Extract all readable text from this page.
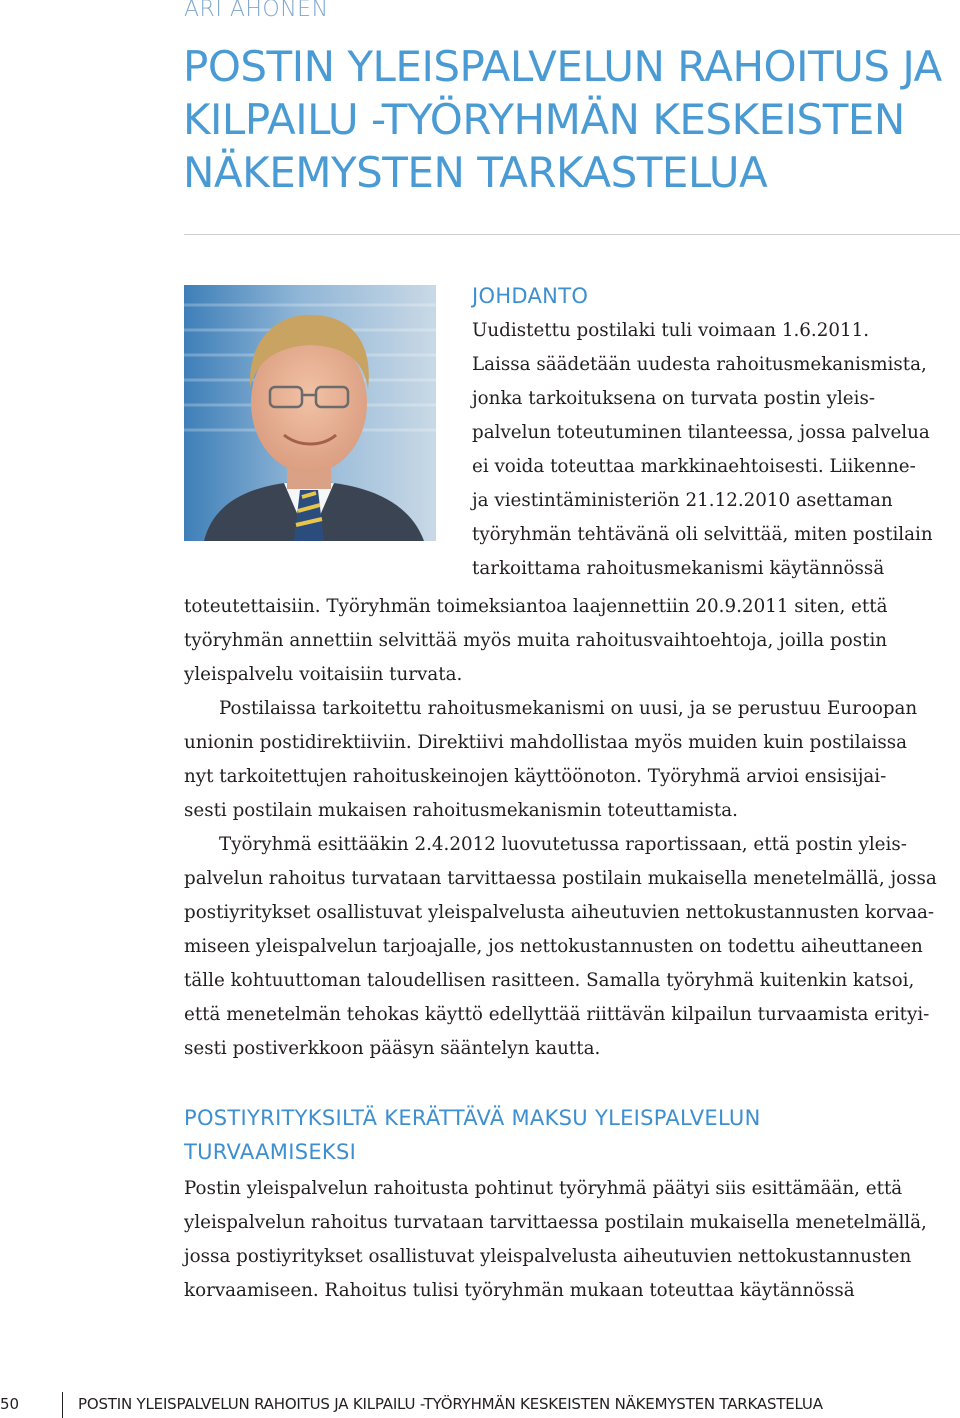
ARI AHONEN
POSTIN YLEISPALVELUN RAHOITUS JA
KILPAILU -TYÖRYHMÄN KESKEISTEN
NÄKEMYSTEN TARKASTELUA
JOHDANTO
Uudistettu postilaki tuli voimaan 1.6.2011.
Laissa säädetään uudesta rahoitusmekanismista,
jonka tarkoituksena on turvata postin yleis-
palvelun toteutuminen tilanteessa, jossa palvelua
ei voida toteuttaa markkinaehtoisesti. Liikenne-
ja viestintäministeriön 21.12.2010 asettaman
työryhmän tehtävänä oli selvittää, miten postilain
tarkoittama rahoitusmekanismi käytännössä
toteutettaisiin. Työryhmän toimeksiantoa laajennettiin 20.9.2011 siten, että
työryhmän annettiin selvittää myös muita rahoitusvaihtoehtoja, joilla postin
yleispalvelu voitaisiin turvata.
Postilaissa tarkoitettu rahoitusmekanismi on uusi, ja se perustuu Euroopan
unionin postidirektiiviin. Direktiivi mahdollistaa myös muiden kuin postilaissa
nyt tarkoitettujen rahoituskeinojen käyttöönoton. Työryhmä arvioi ensisijai-
sesti postilain mukaisen rahoitusmekanismin toteuttamista.
Työryhmä esittääkin 2.4.2012 luovutetussa raportissaan, että postin yleis-
palvelun rahoitus turvataan tarvittaessa postilain mukaisella menetelmällä, jossa
postiyritykset osallistuvat yleispalvelusta aiheutuvien nettokustannusten korvaa-
miseen yleispalvelun tarjoajalle, jos nettokustannusten on todettu aiheuttaneen
tälle kohtuuttoman taloudellisen rasitteen. Samalla työryhmä kuitenkin katsoi,
että menetelmän tehokas käyttö edellyttää riittävän kilpailun turvaamista erityi-
sesti postiverkkoon pääsyn sääntelyn kautta.
POSTIYRITYKSILTÄ KERÄTTÄVÄ MAKSU YLEISPALVELUN
TURVAAMISEKSI
Postin yleispalvelun rahoitusta pohtinut työryhmä päätyi siis esittämään, että
yleispalvelun rahoitus turvataan tarvittaessa postilain mukaisella menetelmällä,
jossa postiyritykset osallistuvat yleispalvelusta aiheutuvien nettokustannusten
korvaamiseen. Rahoitus tulisi työryhmän mukaan toteuttaa käytännössä
50	POSTIN YLEISPALVELUN RAHOITUS JA KILPAILU -TYÖRYHMÄN KESKEISTEN NÄKEMYSTEN TARKASTELUA
